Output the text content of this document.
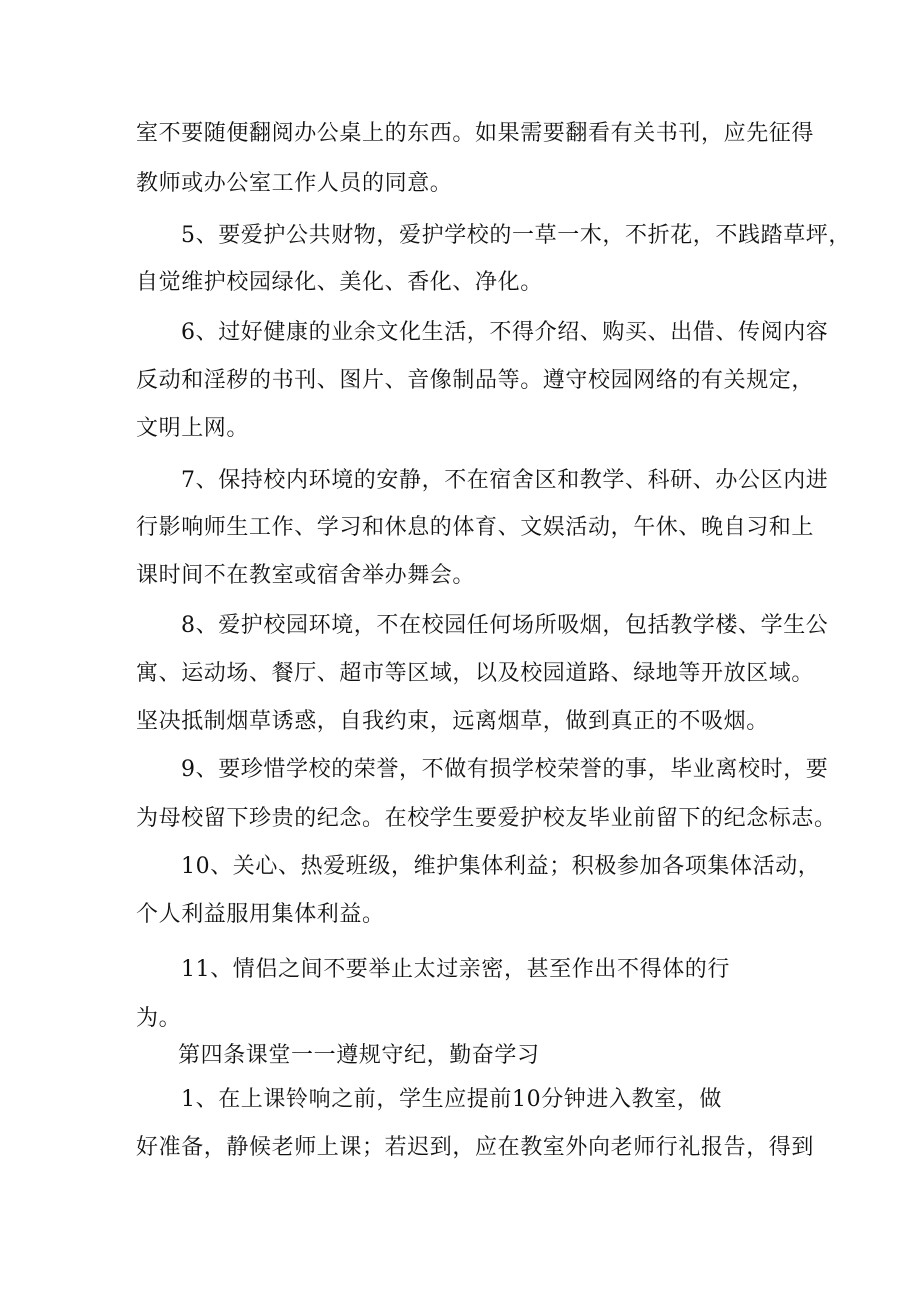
室不要随便翻阅办公桌上的东西。如果需要翻看有关书刊，应先征得
教师或办公室工作人员的同意。
5、要爱护公共财物，爱护学校的一草一木，不折花，不践踏草坪，
自觉维护校园绿化、美化、香化、净化。
6、过好健康的业余文化生活，不得介绍、购买、出借、传阅内容
反动和淫秽的书刊、图片、音像制品等。遵守校园网络的有关规定，
文明上网。
7、保持校内环境的安静，不在宿舍区和教学、科研、办公区内进
行影响师生工作、学习和休息的体育、文娱活动，午休、晚自习和上
课时间不在教室或宿舍举办舞会。
8、爱护校园环境，不在校园任何场所吸烟，包括教学楼、学生公
寓、运动场、餐厅、超市等区域，以及校园道路、绿地等开放区域。
坚决抵制烟草诱惑，自我约束，远离烟草，做到真正的不吸烟。
9、要珍惜学校的荣誉，不做有损学校荣誉的事，毕业离校时，要
为母校留下珍贵的纪念。在校学生要爱护校友毕业前留下的纪念标志。
10、关心、热爱班级，维护集体利益；积极参加各项集体活动，
个人利益服用集体利益。
11、情侣之间不要举止太过亲密，甚至作出不得体的行
为。
第四条课堂一一遵规守纪，勤奋学习
1、在上课铃响之前，学生应提前10分钟进入教室，做
好准备，静候老师上课；若迟到，应在教室外向老师行礼报告，得到
